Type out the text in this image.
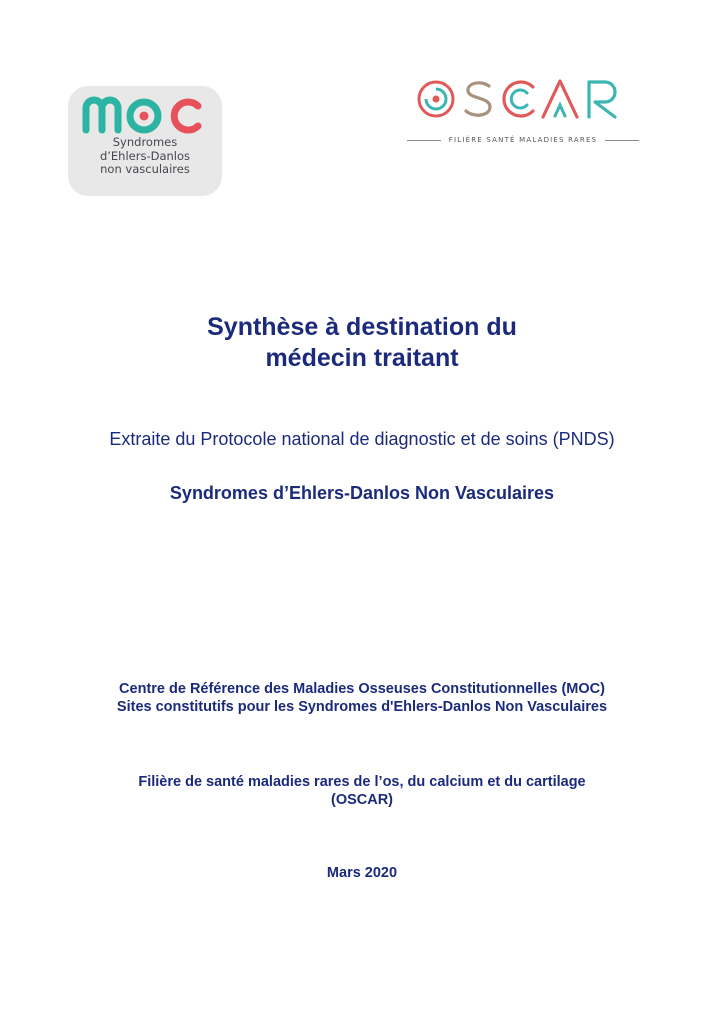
Syndromes
d’Ehlers-Danlos
non vasculaires
FILIÈRE SANTÉ MALADIES RARES
Synthèse à destination du
médecin traitant
Extraite du Protocole national de diagnostic et de soins (PNDS)
Syndromes d’Ehlers-Danlos Non Vasculaires
Centre de Référence des Maladies Osseuses Constitutionnelles (MOC)
Sites constitutifs pour les Syndromes d'Ehlers-Danlos Non Vasculaires
Filière de santé maladies rares de l’os, du calcium et du cartilage
(OSCAR)
Mars 2020
